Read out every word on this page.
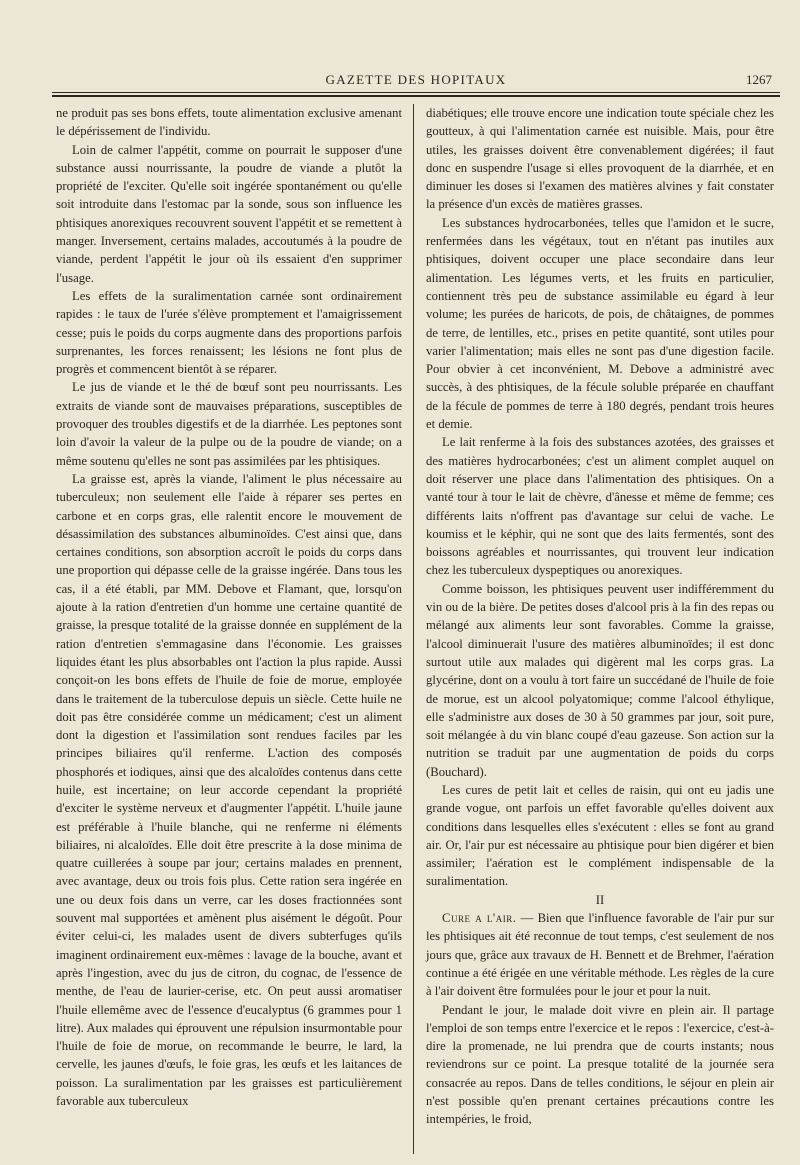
GAZETTE DES HOPITAUX	1267

ne produit pas ses bons effets, toute alimentation exclusive amenant le dépérissement de l'individu.

Loin de calmer l'appétit, comme on pourrait le supposer d'une substance aussi nourrissante, la poudre de viande a plutôt la propriété de l'exciter. Qu'elle soit ingérée spontanément ou qu'elle soit introduite dans l'estomac par la sonde, sous son influence les phtisiques anorexiques recouvrent souvent l'appétit et se remettent à manger. Inversement, certains malades, accoutumés à la poudre de viande, perdent l'appétit le jour où ils essaient d'en supprimer l'usage.

Les effets de la suralimentation carnée sont ordinairement rapides : le taux de l'urée s'élève promptement et l'amaigrissement cesse; puis le poids du corps augmente dans des proportions parfois surprenantes, les forces renaissent; les lésions ne font plus de progrès et commencent bientôt à se réparer.

Le jus de viande et le thé de bœuf sont peu nourrissants. Les extraits de viande sont de mauvaises préparations, susceptibles de provoquer des troubles digestifs et de la diarrhée. Les peptones sont loin d'avoir la valeur de la pulpe ou de la poudre de viande; on a même soutenu qu'elles ne sont pas assimilées par les phtisiques.

La graisse est, après la viande, l'aliment le plus nécessaire au tuberculeux; non seulement elle l'aide à réparer ses pertes en carbone et en corps gras, elle ralentit encore le mouvement de désassimilation des substances albuminoïdes. C'est ainsi que, dans certaines conditions, son absorption accroît le poids du corps dans une proportion qui dépasse celle de la graisse ingérée. Dans tous les cas, il a été établi, par MM. Debove et Flamant, que, lorsqu'on ajoute à la ration d'entretien d'un homme une certaine quantité de graisse, la presque totalité de la graisse donnée en supplément de la ration d'entretien s'emmagasine dans l'économie. Les graisses liquides étant les plus absorbables ont l'action la plus rapide. Aussi conçoit-on les bons effets de l'huile de foie de morue, employée dans le traitement de la tuberculose depuis un siècle. Cette huile ne doit pas être considérée comme un médicament; c'est un aliment dont la digestion et l'assimilation sont rendues faciles par les principes biliaires qu'il renferme. L'action des composés phosphorés et iodiques, ainsi que des alcaloïdes contenus dans cette huile, est incertaine; on leur accorde cependant la propriété d'exciter le système nerveux et d'augmenter l'appétit. L'huile jaune est préférable à l'huile blanche, qui ne renferme ni éléments biliaires, ni alcaloïdes. Elle doit être prescrite à la dose minima de quatre cuillerées à soupe par jour; certains malades en prennent, avec avantage, deux ou trois fois plus. Cette ration sera ingérée en une ou deux fois dans un verre, car les doses fractionnées sont souvent mal supportées et amènent plus aisément le dégoût. Pour éviter celui-ci, les malades usent de divers subterfuges qu'ils imaginent ordinairement eux-mêmes : lavage de la bouche, avant et après l'ingestion, avec du jus de citron, du cognac, de l'essence de menthe, de l'eau de laurier-cerise, etc. On peut aussi aromatiser l'huile ellemême avec de l'essence d'eucalyptus (6 grammes pour 1 litre). Aux malades qui éprouvent une répulsion insurmontable pour l'huile de foie de morue, on recommande le beurre, le lard, la cervelle, les jaunes d'œufs, le foie gras, les œufs et les laitances de poisson. La suralimentation par les graisses est particulièrement favorable aux tuberculeux

diabétiques; elle trouve encore une indication toute spéciale chez les goutteux, à qui l'alimentation carnée est nuisible. Mais, pour être utiles, les graisses doivent être convenablement digérées; il faut donc en suspendre l'usage si elles provoquent de la diarrhée, et en diminuer les doses si l'examen des matières alvines y fait constater la présence d'un excès de matières grasses.

Les substances hydrocarbonées, telles que l'amidon et le sucre, renfermées dans les végétaux, tout en n'étant pas inutiles aux phtisiques, doivent occuper une place secondaire dans leur alimentation. Les légumes verts, et les fruits en particulier, contiennent très peu de substance assimilable eu égard à leur volume; les purées de haricots, de pois, de châtaignes, de pommes de terre, de lentilles, etc., prises en petite quantité, sont utiles pour varier l'alimentation; mais elles ne sont pas d'une digestion facile. Pour obvier à cet inconvénient, M. Debove a administré avec succès, à des phtisiques, de la fécule soluble préparée en chauffant de la fécule de pommes de terre à 180 degrés, pendant trois heures et demie.

Le lait renferme à la fois des substances azotées, des graisses et des matières hydrocarbonées; c'est un aliment complet auquel on doit réserver une place dans l'alimentation des phtisiques. On a vanté tour à tour le lait de chèvre, d'ânesse et même de femme; ces différents laits n'offrent pas d'avantage sur celui de vache. Le koumiss et le képhir, qui ne sont que des laits fermentés, sont des boissons agréables et nourrissantes, qui trouvent leur indication chez les tuberculeux dyspeptiques ou anorexiques.

Comme boisson, les phtisiques peuvent user indifféremment du vin ou de la bière. De petites doses d'alcool pris à la fin des repas ou mélangé aux aliments leur sont favorables. Comme la graisse, l'alcool diminuerait l'usure des matières albuminoïdes; il est donc surtout utile aux malades qui digèrent mal les corps gras. La glycérine, dont on a voulu à tort faire un succédané de l'huile de foie de morue, est un alcool polyatomique; comme l'alcool éthylique, elle s'administre aux doses de 30 à 50 grammes par jour, soit pure, soit mélangée à du vin blanc coupé d'eau gazeuse. Son action sur la nutrition se traduit par une augmentation de poids du corps (Bouchard).

Les cures de petit lait et celles de raisin, qui ont eu jadis une grande vogue, ont parfois un effet favorable qu'elles doivent aux conditions dans lesquelles elles s'exécutent : elles se font au grand air. Or, l'air pur est nécessaire au phtisique pour bien digérer et bien assimiler; l'aération est le complément indispensable de la suralimentation.

II

Cure a l'air. — Bien que l'influence favorable de l'air pur sur les phtisiques ait été reconnue de tout temps, c'est seulement de nos jours que, grâce aux travaux de H. Bennett et de Brehmer, l'aération continue a été érigée en une véritable méthode. Les règles de la cure à l'air doivent être formulées pour le jour et pour la nuit.

Pendant le jour, le malade doit vivre en plein air. Il partage l'emploi de son temps entre l'exercice et le repos : l'exercice, c'est-à-dire la promenade, ne lui prendra que de courts instants; nous reviendrons sur ce point. La presque totalité de la journée sera consacrée au repos. Dans de telles conditions, le séjour en plein air n'est possible qu'en prenant certaines précautions contre les intempéries, le froid,
